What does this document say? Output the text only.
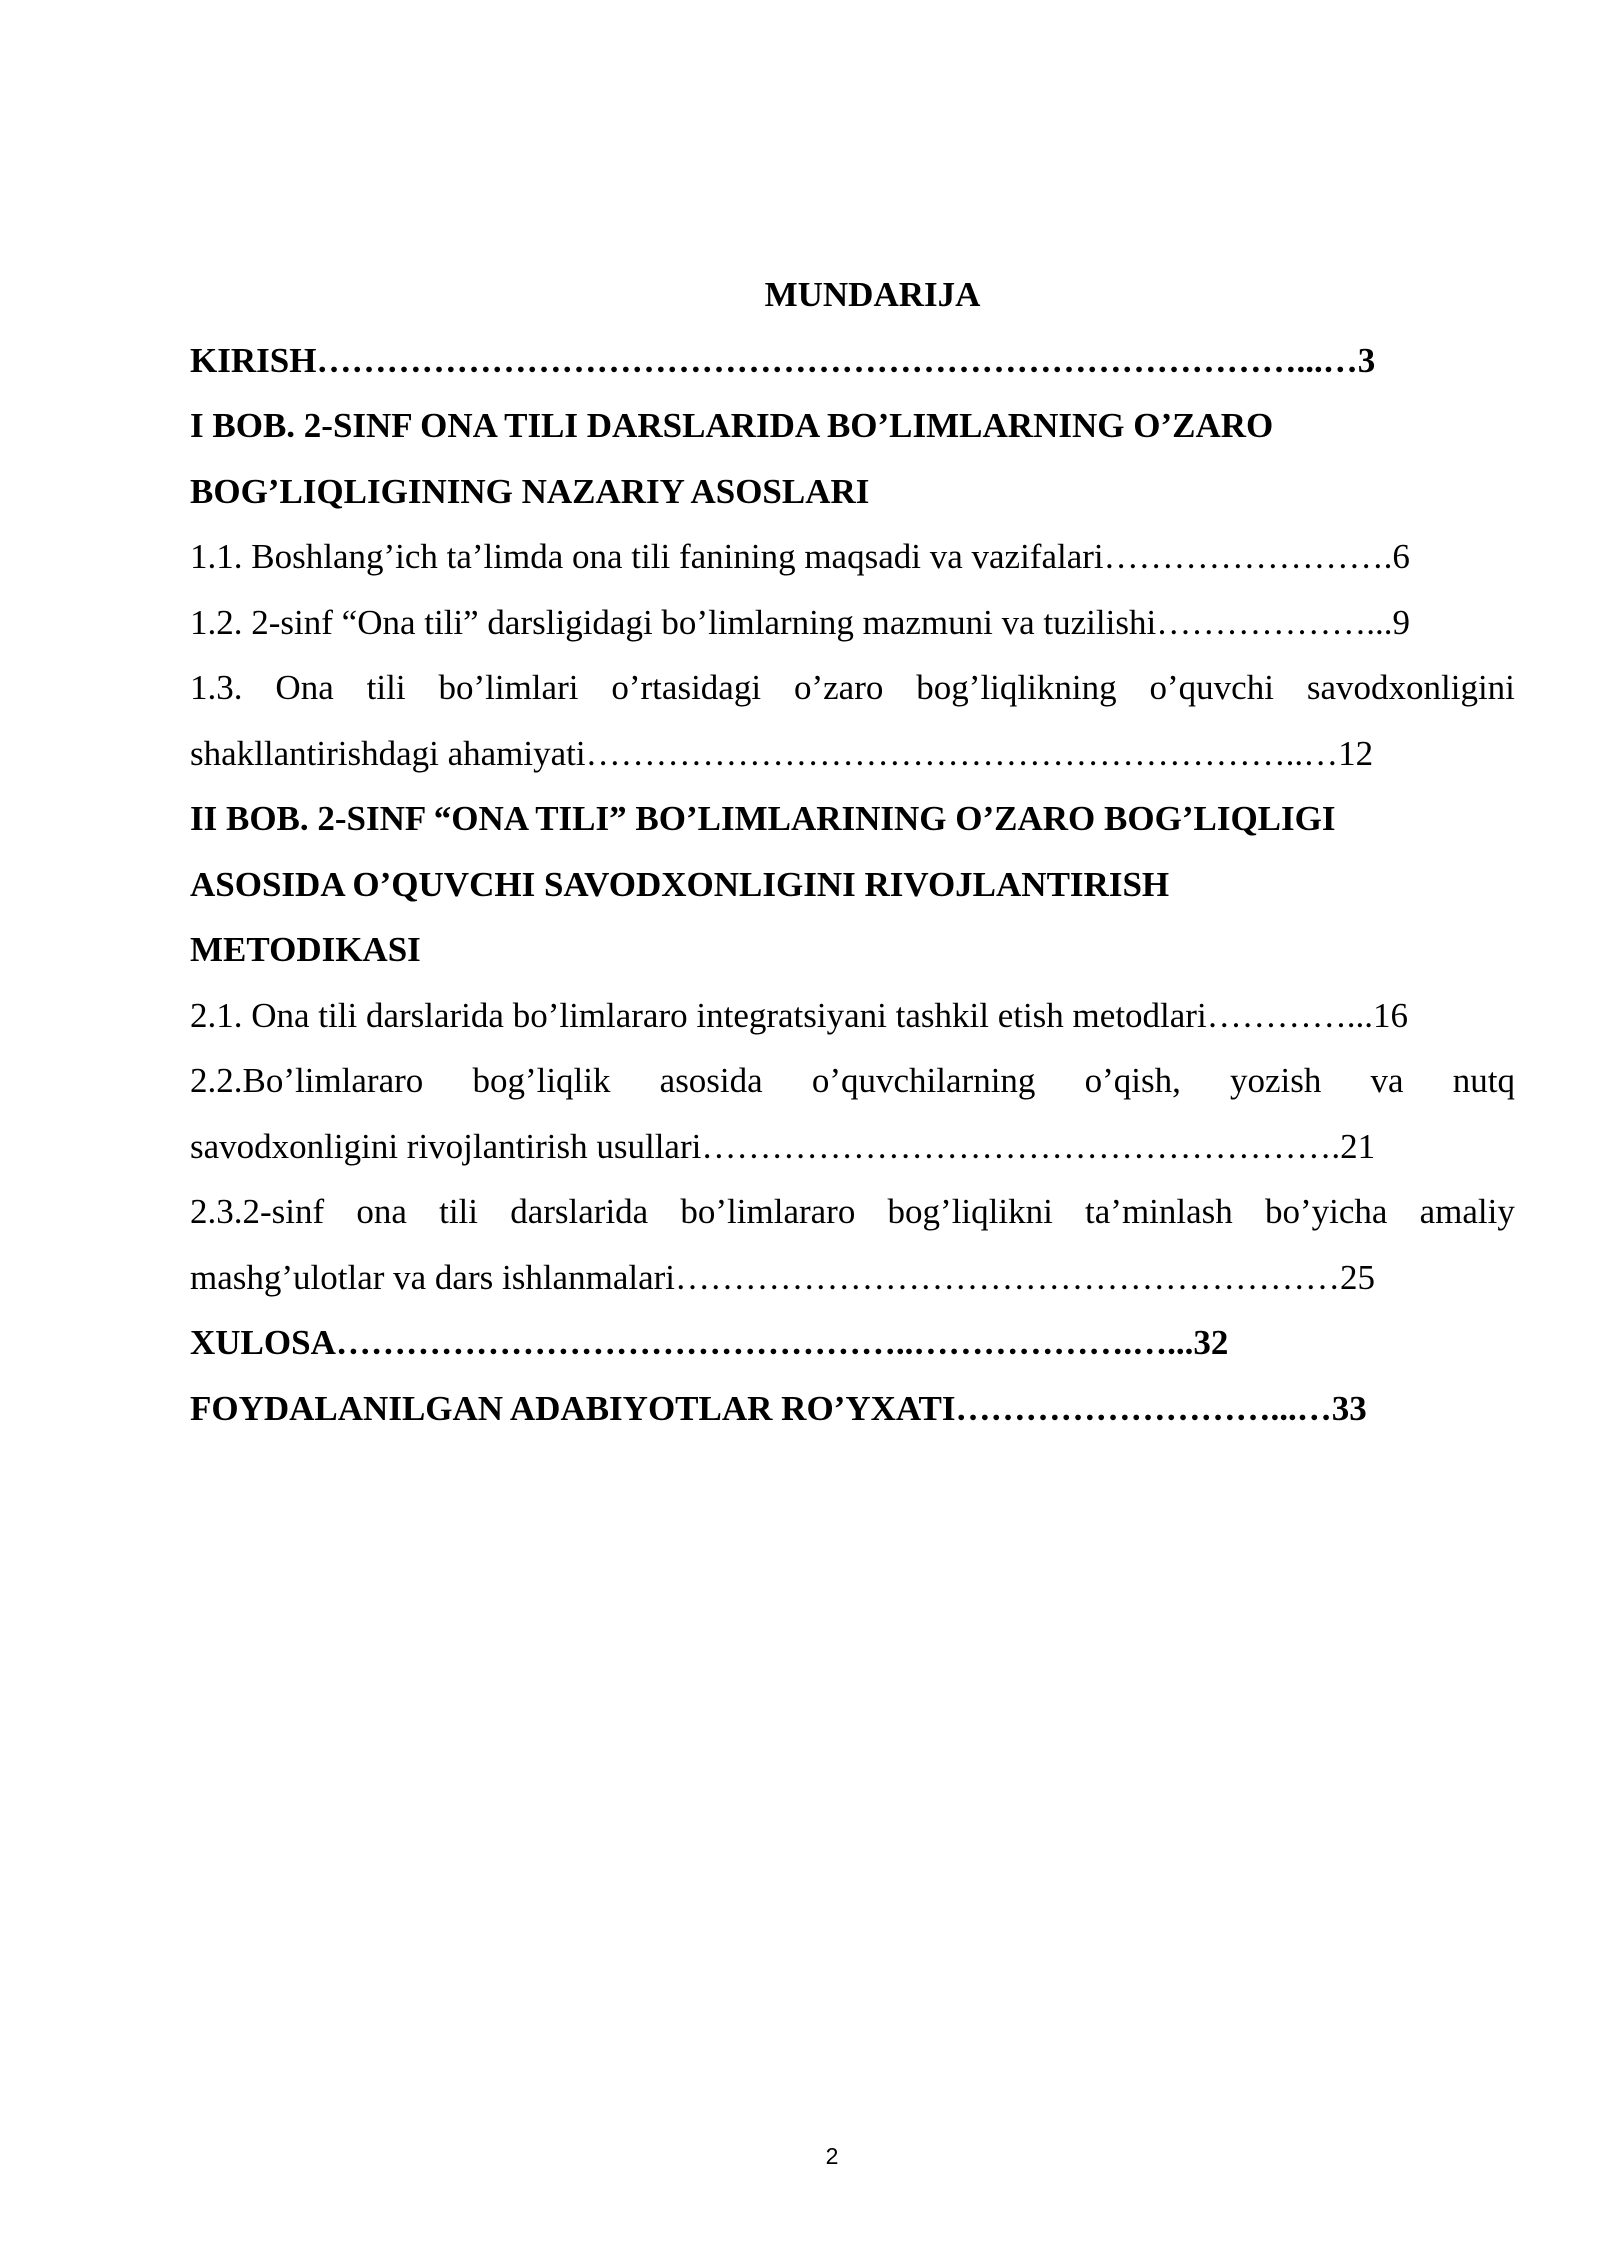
MUNDARIJA
KIRISH…………………………………………………………………………...…3
I BOB. 2-SINF ONA TILI DARSLARIDA BO’LIMLARNING O’ZARO
BOG’LIQLIGINING NAZARIY ASOSLARI
1.1. Boshlang’ich ta’limda ona tili fanining maqsadi va vazifalari…………………….6
1.2. 2-sinf “Ona tili” darsligidagi bo’limlarning mazmuni va tuzilishi………………...9
1.3. Ona tili bo’limlari o’rtasidagi o’zaro bog’liqlikning o’quvchi savodxonligini
shakllantirishdagi ahamiyati……………………………………………………..…12
II BOB. 2-SINF “ONA TILI” BO’LIMLARINING O’ZARO BOG’LIQLIGI
ASOSIDA O’QUVCHI SAVODXONLIGINI RIVOJLANTIRISH
METODIKASI
2.1. Ona tili darslarida bo’limlararo integratsiyani tashkil etish metodlari…………...16
2.2.Bo’limlararo bog’liqlik asosida o’quvchilarning o’qish, yozish va nutq
savodxonligini rivojlantirish usullari……………………………………………….21
2.3.2-sinf ona tili darslarida bo’limlararo bog’liqlikni ta’minlash bo’yicha amaliy
mashg’ulotlar va dars ishlanmalari…………………………………………………25
XULOSA…………………………………………..……………….…...32
FOYDALANILGAN ADABIYOTLAR RO’YXATI………………………...…33
2
